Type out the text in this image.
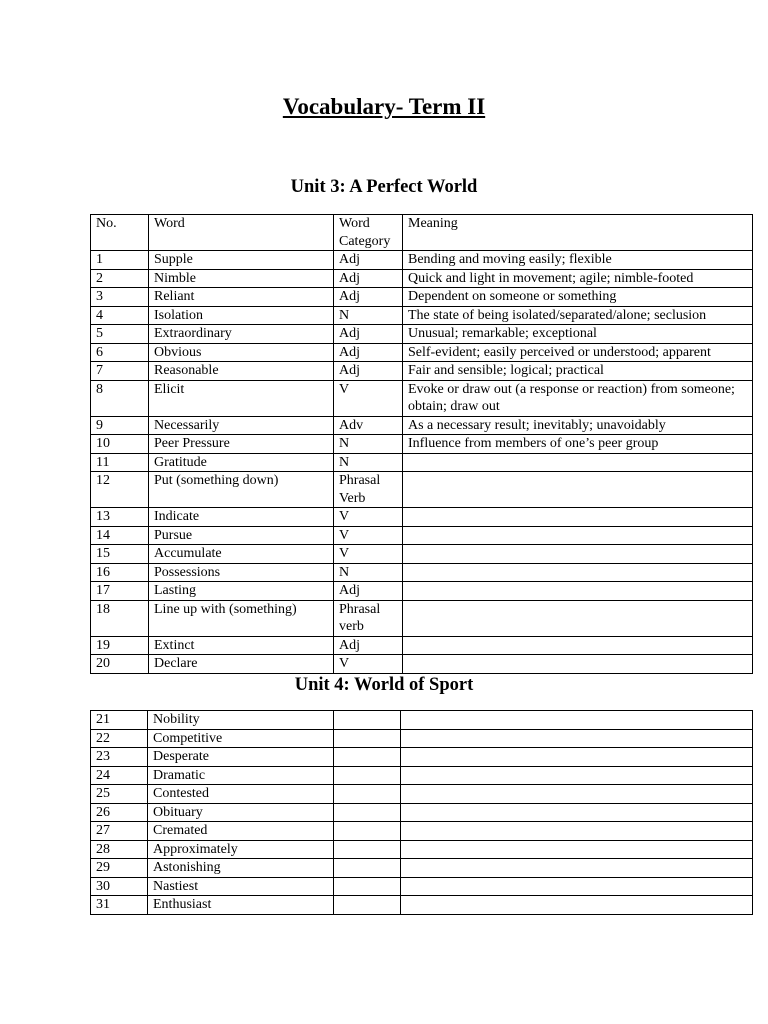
Vocabulary- Term II
Unit 3: A Perfect World
No.	Word	Word Category	Meaning
1	Supple	Adj	Bending and moving easily; flexible
2	Nimble	Adj	Quick and light in movement; agile; nimble-footed
3	Reliant	Adj	Dependent on someone or something
4	Isolation	N	The state of being isolated/separated/alone; seclusion
5	Extraordinary	Adj	Unusual; remarkable; exceptional
6	Obvious	Adj	Self-evident; easily perceived or understood; apparent
7	Reasonable	Adj	Fair and sensible; logical; practical
8	Elicit	V	Evoke or draw out (a response or reaction) from someone; obtain; draw out
9	Necessarily	Adv	As a necessary result; inevitably; unavoidably
10	Peer Pressure	N	Influence from members of one’s peer group
11	Gratitude	N	
12	Put (something down)	Phrasal Verb	
13	Indicate	V	
14	Pursue	V	
15	Accumulate	V	
16	Possessions	N	
17	Lasting	Adj	
18	Line up with (something)	Phrasal verb	
19	Extinct	Adj	
20	Declare	V	
Unit 4: World of Sport
21	Nobility		
22	Competitive		
23	Desperate		
24	Dramatic		
25	Contested		
26	Obituary		
27	Cremated		
28	Approximately		
29	Astonishing		
30	Nastiest		
31	Enthusiast		
